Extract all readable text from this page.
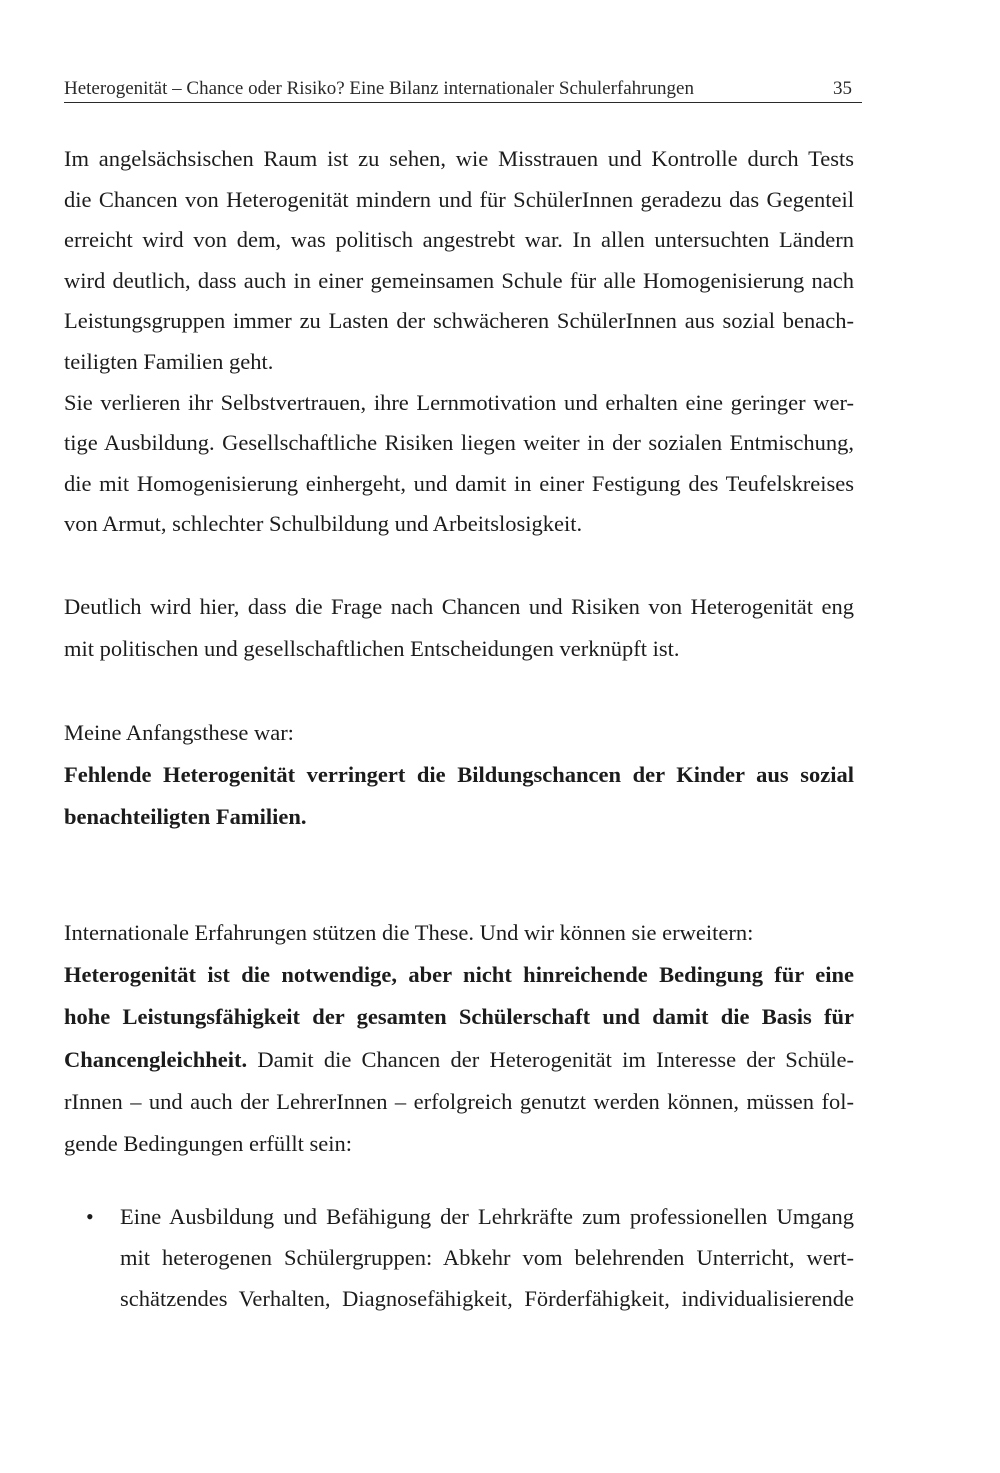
Heterogenität – Chance oder Risiko? Eine Bilanz internationaler Schulerfahrungen	35
Im angelsächsischen Raum ist zu sehen, wie Misstrauen und Kontrolle durch Tests
die Chancen von Heterogenität mindern und für SchülerInnen geradezu das Gegenteil
erreicht wird von dem, was politisch angestrebt war. In allen untersuchten Ländern
wird deutlich, dass auch in einer gemeinsamen Schule für alle Homogenisierung nach
Leistungsgruppen immer zu Lasten der schwächeren SchülerInnen aus sozial benach-
teiligten Familien geht.
Sie verlieren ihr Selbstvertrauen, ihre Lernmotivation und erhalten eine geringer wer-
tige Ausbildung. Gesellschaftliche Risiken liegen weiter in der sozialen Entmischung,
die mit Homogenisierung einhergeht, und damit in einer Festigung des Teufelskreises
von Armut, schlechter Schulbildung und Arbeitslosigkeit.
Deutlich wird hier, dass die Frage nach Chancen und Risiken von Heterogenität eng
mit politischen und gesellschaftlichen Entscheidungen verknüpft ist.
Meine Anfangsthese war:
Fehlende Heterogenität verringert die Bildungschancen der Kinder aus sozial
benachteiligten Familien.
Internationale Erfahrungen stützen die These. Und wir können sie erweitern:
Heterogenität ist die notwendige, aber nicht hinreichende Bedingung für eine
hohe Leistungsfähigkeit der gesamten Schülerschaft und damit die Basis für
Chancengleichheit. Damit die Chancen der Heterogenität im Interesse der Schüle-
rInnen – und auch der LehrerInnen – erfolgreich genutzt werden können, müssen fol-
gende Bedingungen erfüllt sein:
• Eine Ausbildung und Befähigung der Lehrkräfte zum professionellen Umgang
mit heterogenen Schülergruppen: Abkehr vom belehrenden Unterricht, wert-
schätzendes Verhalten, Diagnosefähigkeit, Förderfähigkeit, individualisierende
